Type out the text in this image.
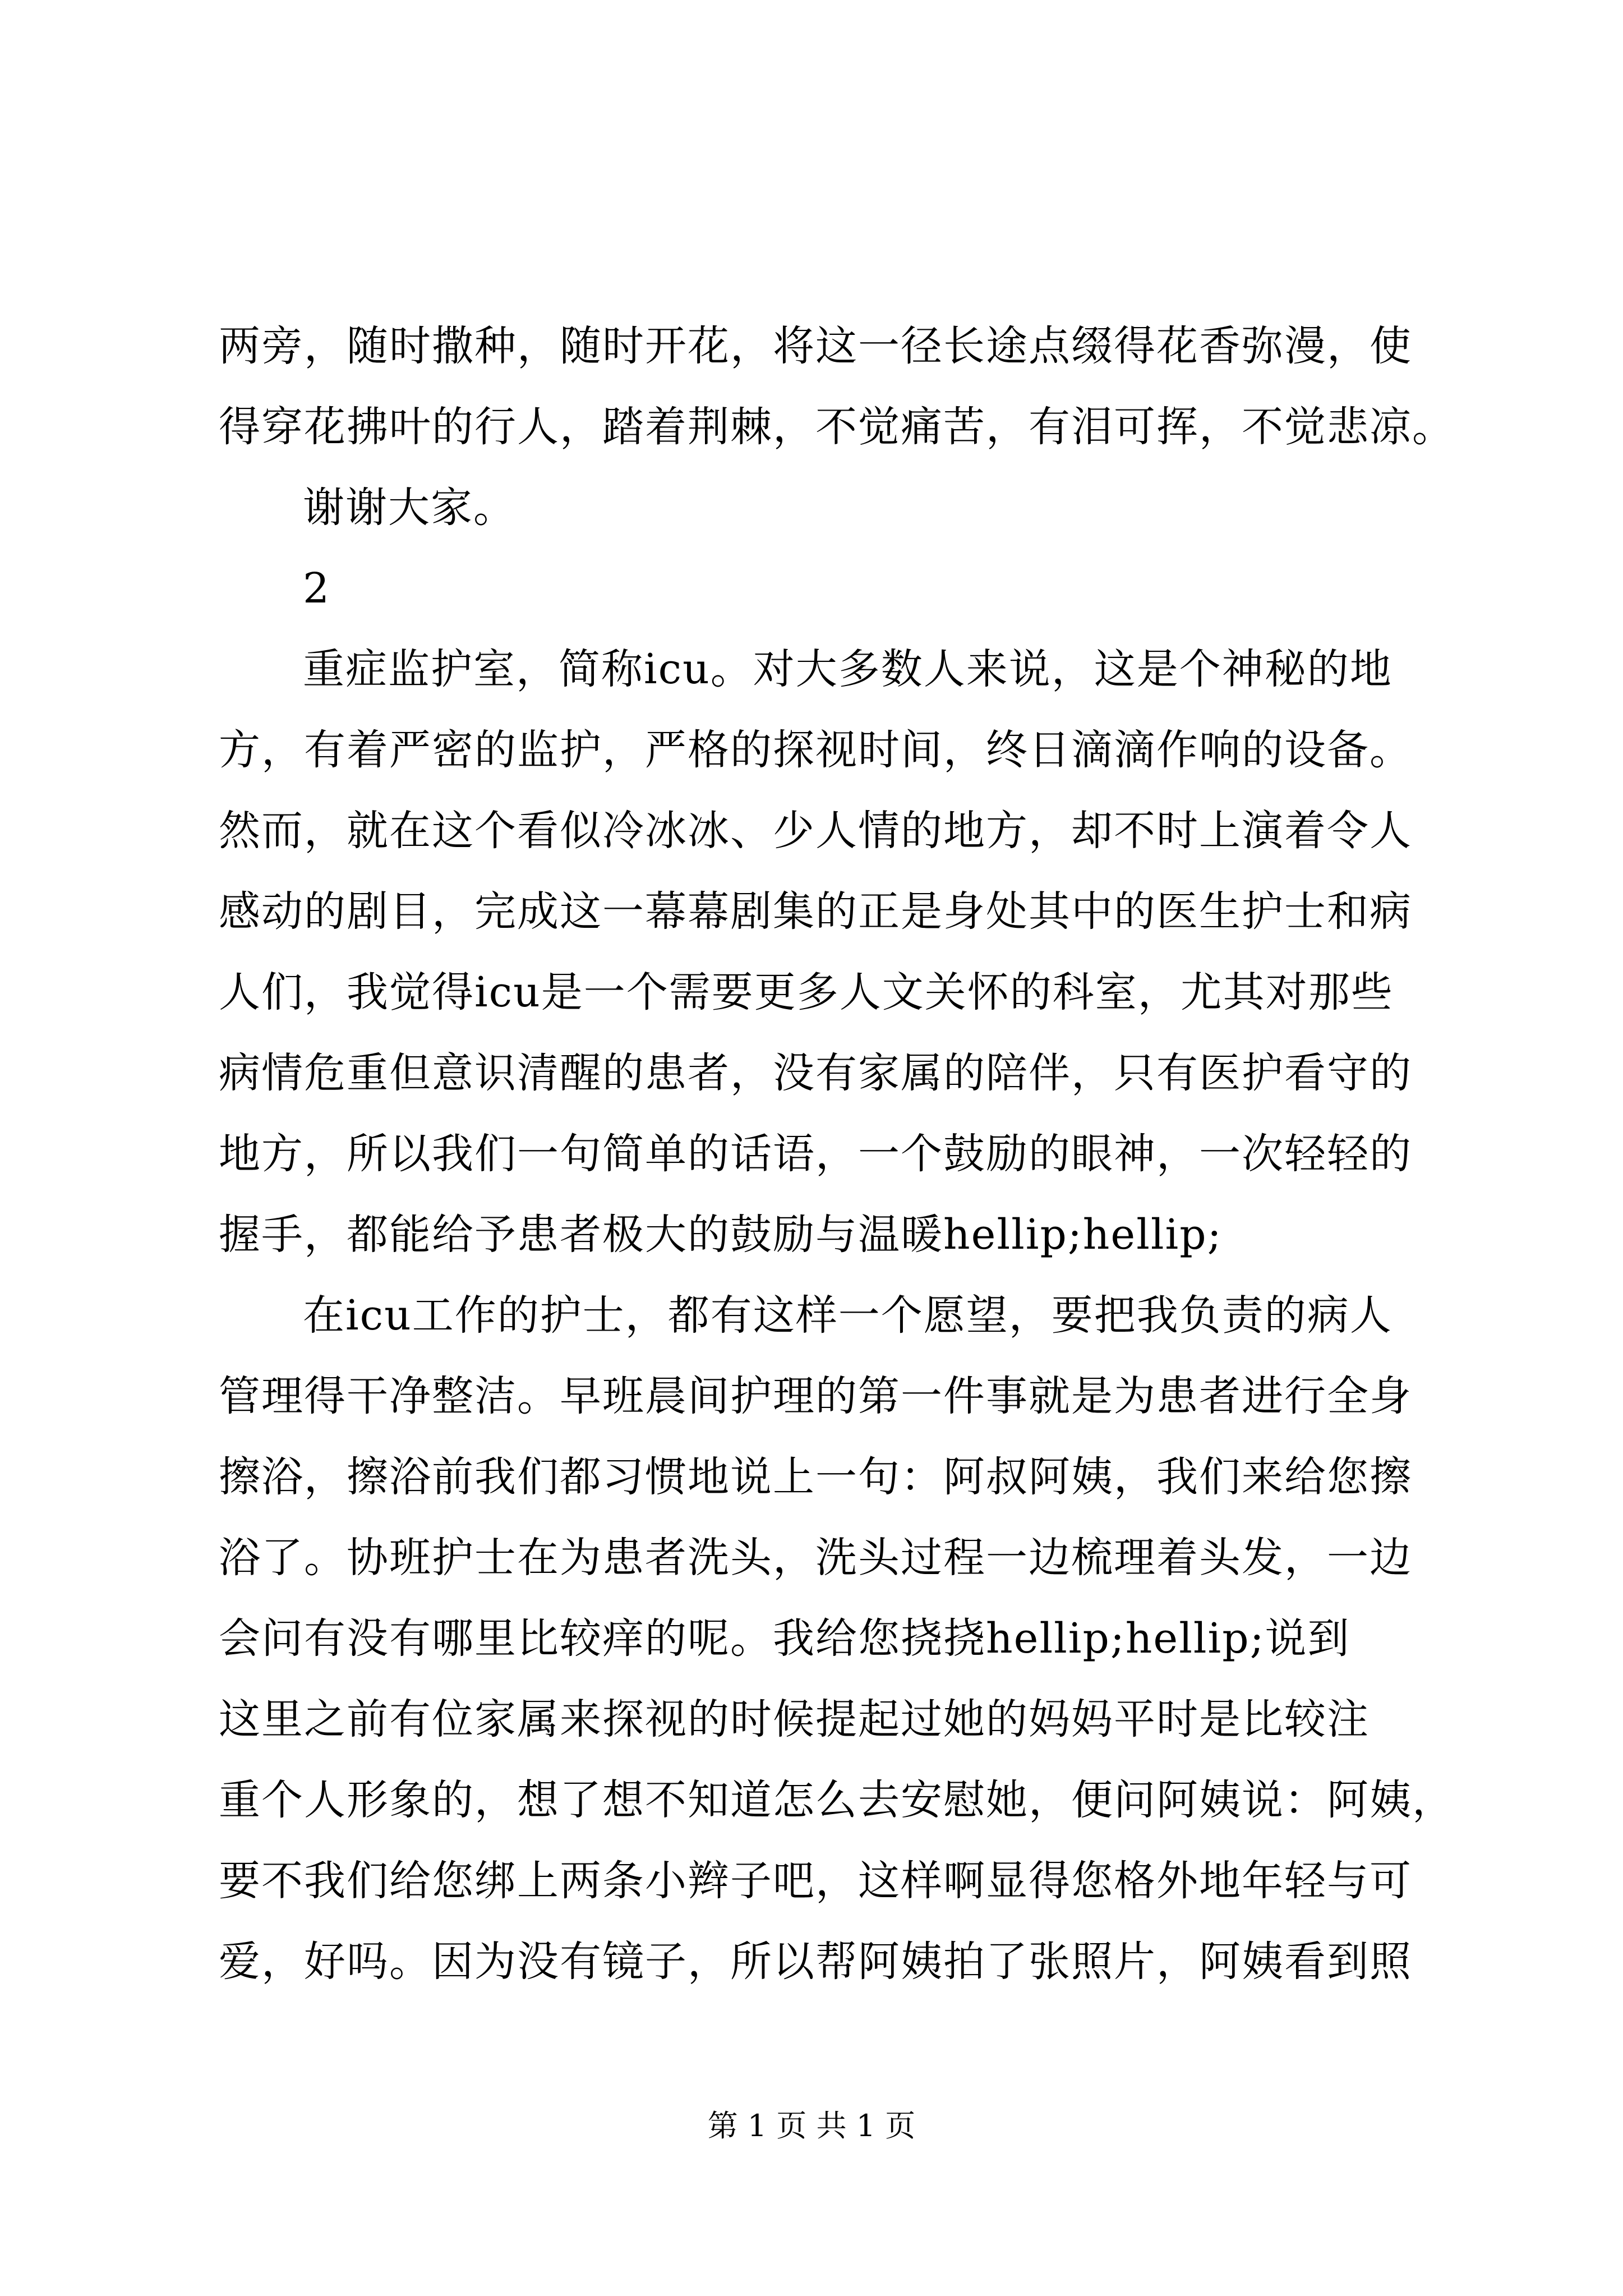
两旁，随时撒种，随时开花，将这一径长途点缀得花香弥漫，使
得穿花拂叶的行人，踏着荆棘，不觉痛苦，有泪可挥，不觉悲凉。
谢谢大家。
2
重症监护室，简称icu。对大多数人来说，这是个神秘的地
方，有着严密的监护，严格的探视时间，终日滴滴作响的设备。
然而，就在这个看似冷冰冰、少人情的地方，却不时上演着令人
感动的剧目，完成这一幕幕剧集的正是身处其中的医生护士和病
人们，我觉得icu是一个需要更多人文关怀的科室，尤其对那些
病情危重但意识清醒的患者，没有家属的陪伴，只有医护看守的
地方，所以我们一句简单的话语，一个鼓励的眼神，一次轻轻的
握手，都能给予患者极大的鼓励与温暖hellip;hellip;
在icu工作的护士，都有这样一个愿望，要把我负责的病人
管理得干净整洁。早班晨间护理的第一件事就是为患者进行全身
擦浴，擦浴前我们都习惯地说上一句：阿叔阿姨，我们来给您擦
浴了。协班护士在为患者洗头，洗头过程一边梳理着头发，一边
会问有没有哪里比较痒的呢。我给您挠挠hellip;hellip;说到
这里之前有位家属来探视的时候提起过她的妈妈平时是比较注
重个人形象的，想了想不知道怎么去安慰她，便问阿姨说：阿姨，
要不我们给您绑上两条小辫子吧，这样啊显得您格外地年轻与可
爱，好吗。因为没有镜子，所以帮阿姨拍了张照片，阿姨看到照
第 1 页 共 1 页
